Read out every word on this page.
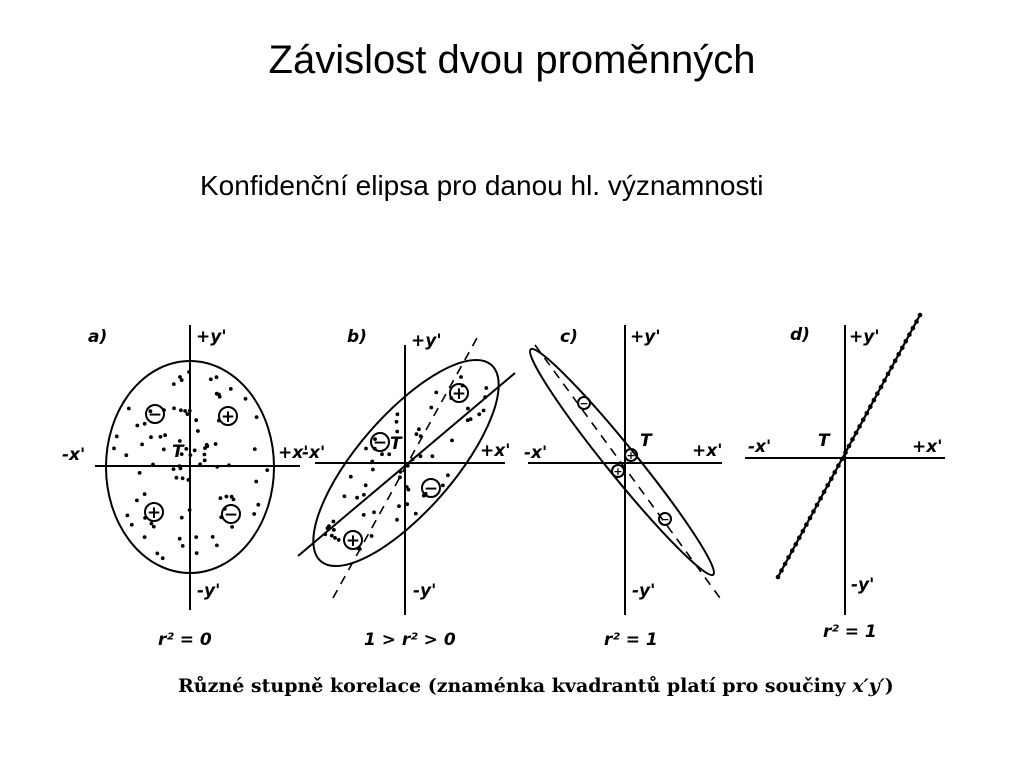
Závislost dvou proměnných
Konfidenční elipsa pro danou hl. významnosti
a)	+y'
-y'
+x'
-x'	T
r² = 0
−	+
+	−
b)	+y'
-y'
+x'
-x'	T
1 > r² > 0
−
+
+
−
c)	+y'
-y'
+x'
-x'
T
r² = 1
−
+
+
−
d) +y'
-y'
+x'
-x'	T
r² = 1
Různé stupně korelace (znaménka kvadrantů platí pro součiny x′y′)
